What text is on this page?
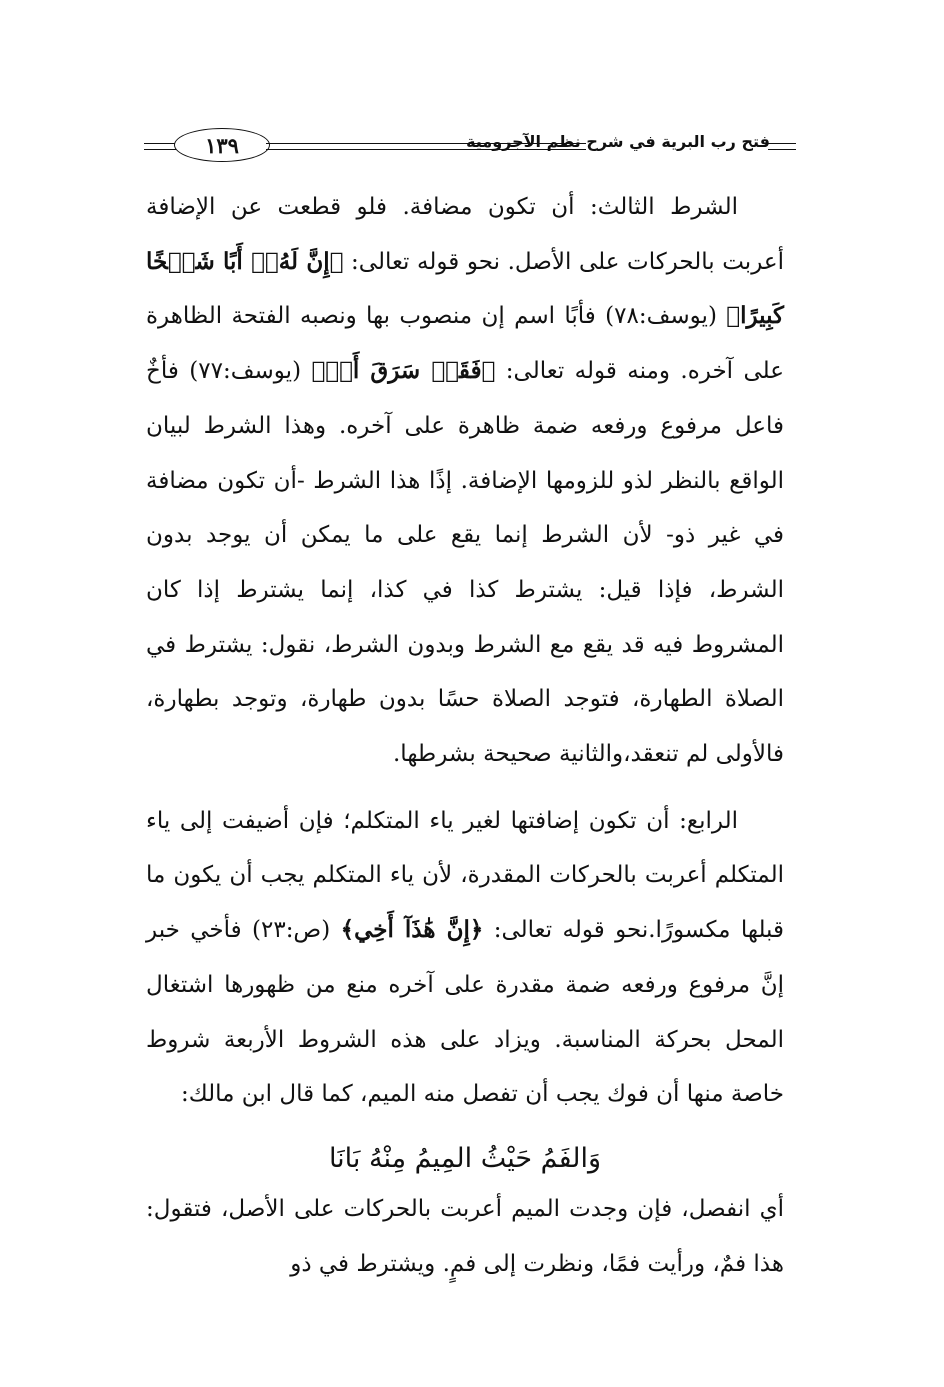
١٣٩	فتح رب البرية في شرح نظم الآجرومية

الشرط الثالث: أن تكون مضافة. فلو قطعت عن الإضافة أعربت بالحركات على الأصل. نحو قوله تعالى: ﴿إِنَّ لَهُۥٓ أَبًا شَيۡخًا كَبِيرًا﴾ (يوسف:٧٨) فأبًا اسم إن منصوب بها ونصبه الفتحة الظاهرة على آخره. ومنه قوله تعالى: ﴿فَقَدۡ سَرَقَ أَخٞ﴾ (يوسف:٧٧) فأخٌ فاعل مرفوع ورفعه ضمة ظاهرة على آخره. وهذا الشرط لبيان الواقع بالنظر لذو للزومها الإضافة. إذًا هذا الشرط -أن تكون مضافة في غير ذو- لأن الشرط إنما يقع على ما يمكن أن يوجد بدون الشرط، فإذا قيل: يشترط كذا في كذا، إنما يشترط إذا كان المشروط فيه قد يقع مع الشرط وبدون الشرط، نقول: يشترط في الصلاة الطهارة، فتوجد الصلاة حسًا بدون طهارة، وتوجد بطهارة، فالأولى لم تنعقد،والثانية صحيحة بشرطها.

الرابع: أن تكون إضافتها لغير ياء المتكلم؛ فإن أضيفت إلى ياء المتكلم أعربت بالحركات المقدرة، لأن ياء المتكلم يجب أن يكون ما قبلها مكسورًا.نحو قوله تعالى: ﴿إِنَّ هَٰذَآ أَخِي﴾ (ص:٢٣) فأخي خبر إنَّ مرفوع ورفعه ضمة مقدرة على آخره منع من ظهورها اشتغال المحل بحركة المناسبة. ويزاد على هذه الشروط الأربعة شروط خاصة منها أن فوك يجب أن تفصل منه الميم، كما قال ابن مالك:

وَالفَمُ حَيْثُ المِيمُ مِنْهُ بَانَا

أي انفصل، فإن وجدت الميم أعربت بالحركات على الأصل، فتقول: هذا فمٌ، ورأيت فمًا، ونظرت إلى فمٍ. ويشترط في ذو
